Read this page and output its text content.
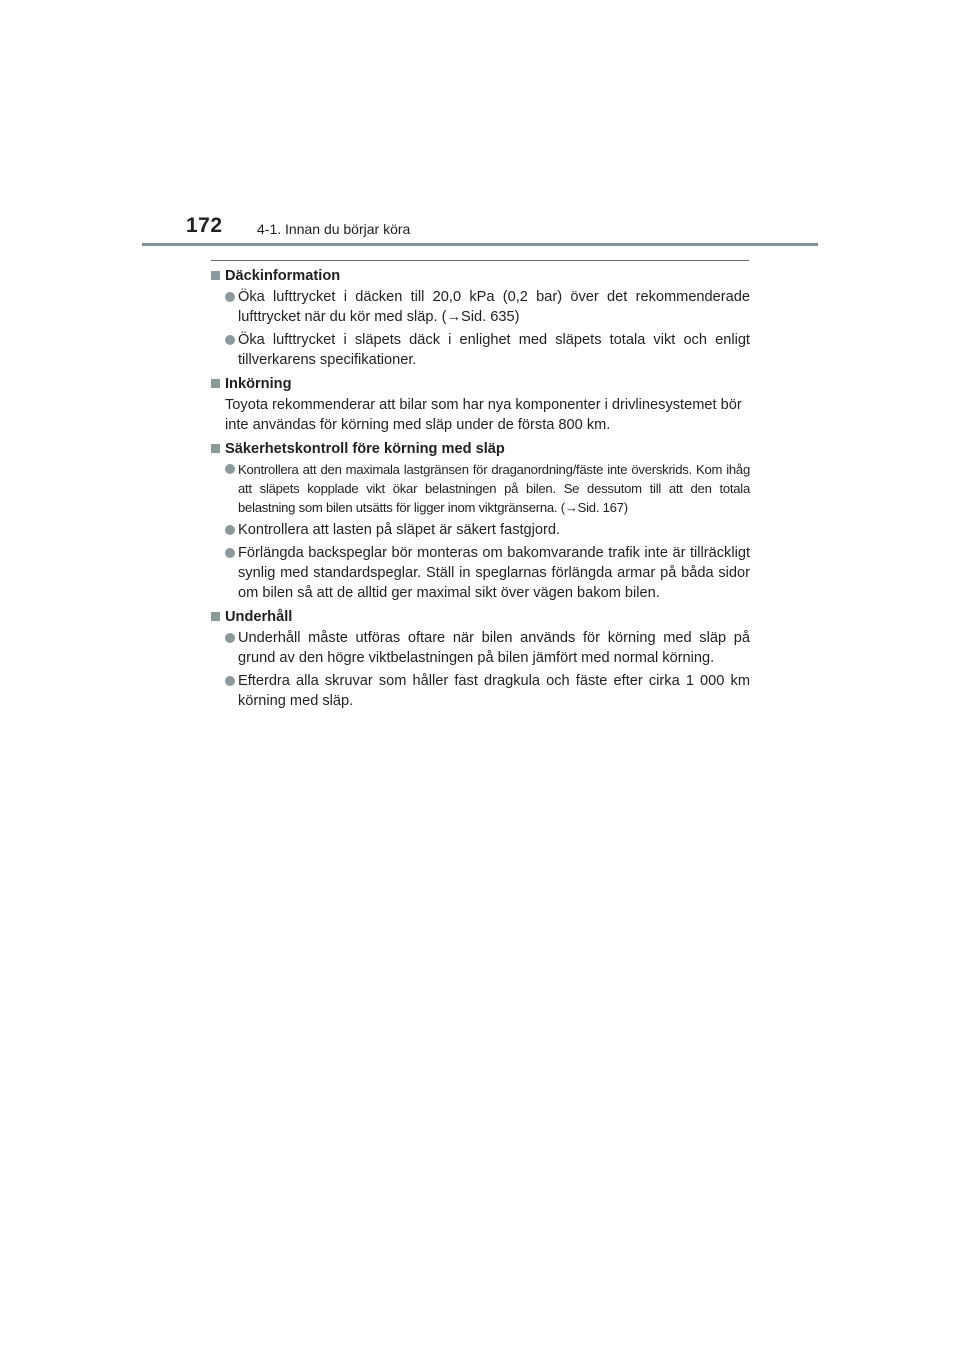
172 4-1. Innan du börjar köra
Däckinformation
Öka lufttrycket i däcken till 20,0 kPa (0,2 bar) över det rekommenderade lufttrycket när du kör med släp. (→Sid. 635)
Öka lufttrycket i släpets däck i enlighet med släpets totala vikt och enligt tillverkarens specifikationer.
Inkörning
Toyota rekommenderar att bilar som har nya komponenter i drivlinesystemet bör inte användas för körning med släp under de första 800 km.
Säkerhetskontroll före körning med släp
Kontrollera att den maximala lastgränsen för draganordning/fäste inte överskrids. Kom ihåg att släpets kopplade vikt ökar belastningen på bilen. Se dessutom till att den totala belastning som bilen utsätts för ligger inom viktgränserna. (→Sid. 167)
Kontrollera att lasten på släpet är säkert fastgjord.
Förlängda backspeglar bör monteras om bakomvarande trafik inte är tillräckligt synlig med standardspeglar. Ställ in speglarnas förlängda armar på båda sidor om bilen så att de alltid ger maximal sikt över vägen bakom bilen.
Underhåll
Underhåll måste utföras oftare när bilen används för körning med släp på grund av den högre viktbelastningen på bilen jämfört med normal körning.
Efterdra alla skruvar som håller fast dragkula och fäste efter cirka 1 000 km körning med släp.
